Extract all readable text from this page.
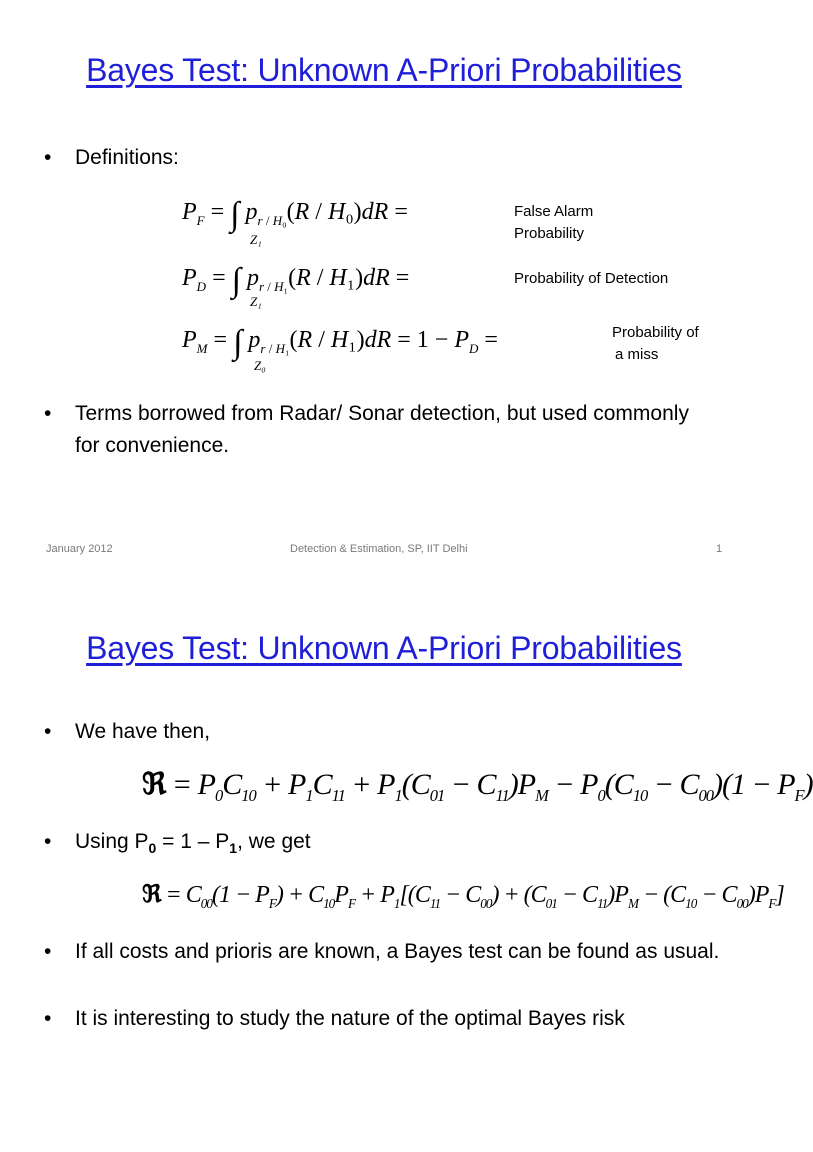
Bayes Test: Unknown A-Priori Probabilities
•	Definitions:
$P_F$ = ∫ $p_{r / H_0}(R / H_0)dR$ =
Z₁
False Alarm
Probability
$P_D$ = ∫ $p_{r / H_1}(R / H_1)dR$ =
Z₁
Probability of Detection
$P_M$ = ∫ $p_{r / H_1}(R / H_1)dR = 1 - P_D$ =
Z₀
Probability of
a miss
•	Terms borrowed from Radar/ Sonar detection, but used commonly for convenience.
January 2012	Detection & Estimation, SP, IIT Delhi	1
Bayes Test: Unknown A-Priori Probabilities
•	We have then,
ℜ = $P_0C_{10} + P_1C_{11} + P_1(C_{01} - C_{11})P_M - P_0(C_{10} - C_{00})(1 - P_F)$
•	Using $P_0 = 1 - P_1$, we get
ℜ = $C_{00}(1 - P_F) + C_{10}P_F + P_1[(C_{11} - C_{00}) + (C_{01} - C_{11})P_M - (C_{10} - C_{00})P_F]$
•	If all costs and prioris are known, a Bayes test can be found as usual.
•	It is interesting to study the nature of the optimal Bayes risk
